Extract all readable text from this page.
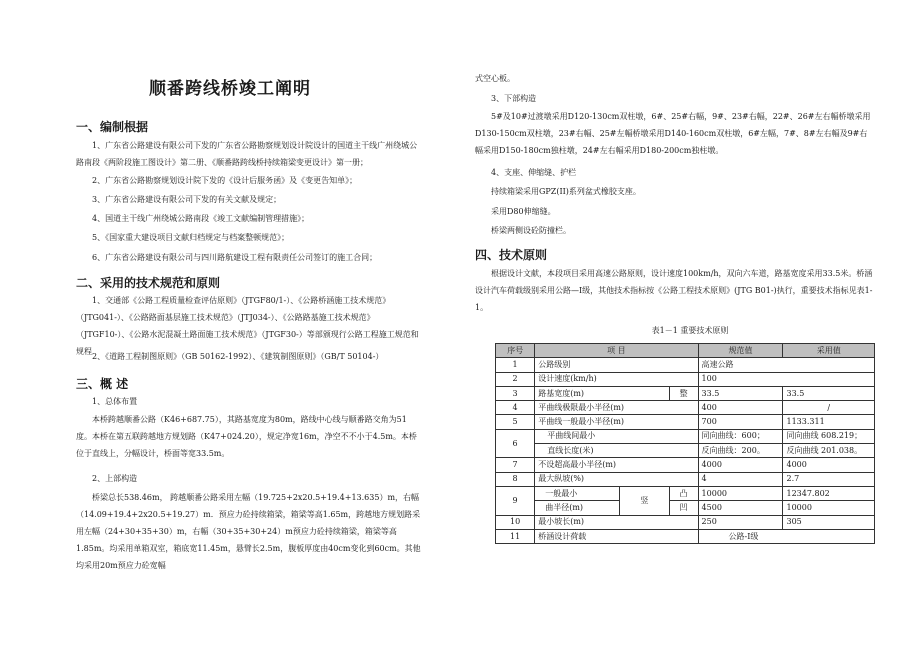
顺番跨线桥竣工阐明
一、编制根据
1、广东省公路建设有限公司下发的广东省公路勘察规划设计院设计的国道主干线广州绕城公路南段《两阶段施工图设计》第二册、《顺番路跨线桥持续箱梁变更设计》第一册；
2、广东省公路勘察规划设计院下发的《设计后服务函》及《变更告知单》；
3、广东省公路建设有限公司下发的有关文献及规定；
4、国道主干线广州绕城公路南段《竣工文献编制管理措施》；
5、《国家重大建设项目文献归档规定与档案整顿规范》；
6、广东省公路建设有限公司与四川路航建设工程有限责任公司签订的施工合同；
二、采用的技术规范和原则
1、交通部《公路工程质量检查评估原则》（JTGF80/1-）、《公路桥涵施工技术规范》（JTG041-）、《公路路面基层施工技术规范》（JTJ034-）、《公路路基施工技术规范》（JTGF10-）、《公路水泥混凝土路面施工技术规范》（JTGF30-）等部颁现行公路工程施工规范和规程
2、《道路工程制图原则》（GB 50162-1992）、《建筑制图原则》（GB/T 50104-）
三、概 述
1、总体布置
本桥跨越顺番公路（K46+687.75），其路基宽度为80m，路线中心线与顺番路交角为51度。本桥在第五联跨越地方规划路（K47+024.20），规定净宽16m，净空不不小于4.5m。本桥位于直线上，分幅设计，桥面等宽33.5m。
2、上部构造
桥梁总长538.46m， 跨越顺番公路采用左幅（19.725+2x20.5+19.4+13.635）m，右幅（14.09+19.4+2x20.5+19.27）m．预应力砼持续箱梁，箱梁等高1.65m，跨越地方规划路采用左幅（24+30+35+30）m，右幅（30+35+30+24）m预应力砼持续箱梁，箱梁等高1.85m。均采用单箱双室，箱底宽11.45m，悬臂长2.5m，腹板厚度由40cm变化到60cm。其他均采用20m预应力砼宽幅
式空心板。
3、下部构造
5#及10#过渡墩采用D120-130cm双柱墩，6#、25#右幅，9#、23#右幅，22#、26#左右幅桥墩采用D130-150cm双柱墩，23#右幅、25#左幅桥墩采用D140-160cm双柱墩，6#左幅，7#、8#左右幅及9#右幅采用D150-180cm独柱墩，24#左右幅采用D180-200cm独柱墩。
4、支座、伸缩缝、护栏
持续箱梁采用GPZ(II)系列盆式橡胶支座。
采用D80伸缩缝。
桥梁两侧设砼防撞栏。
四、技术原则
根据设计文献，本段项目采用高速公路原则，设计速度100km/h，双向六车道，路基宽度采用33.5米。桥涵设计汽车荷载级别采用公路—I级，其他技术指标按《公路工程技术原则》(JTG B01-)执行，重要技术指标见表1-1。
表1－1 重要技术原则
序号	项 目			规范值	采用值
1	公路级别			高速公路	
2	设计速度(km/h)			100	
3	路基宽度(m)		整	33.5	33.5
4	平曲线极限最小半径(m)			400	/
5	平曲线一般最小半径(m)			700	1133.311
6	平曲线间最小			同向曲线：600；	同向曲线 608.219；
	直线长度(米)			反向曲线：200。	反向曲线 201.038。
7	不设超高最小半径(m)			4000	4000
8	最大纵坡(%)			4	2.7
9	一般最小	竖	凸	10000	12347.802
	曲半径(m)		凹	4500	10000
10	最小坡长(m)			250	305
11	桥涵设计荷载			公路-I级	
